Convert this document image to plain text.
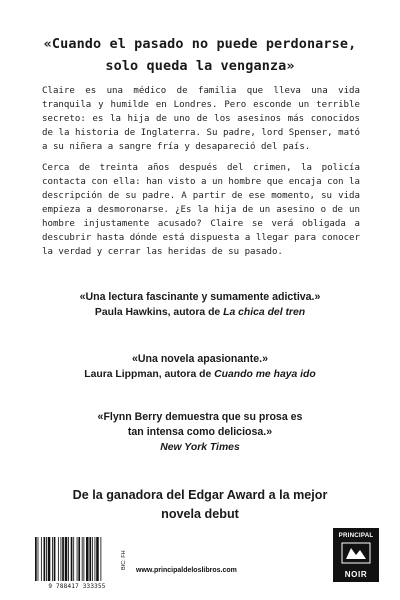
«Cuando el pasado no puede perdonarse,
solo queda la venganza»
Claire es una médico de familia que lleva una vida tranquila y humilde en Londres. Pero esconde un terrible secreto: es la hija de uno de los asesinos más conocidos de la historia de Inglaterra. Su padre, lord Spenser, mató a su niñera a sangre fría y desapareció del país.
Cerca de treinta años después del crimen, la policía contacta con ella: han visto a un hombre que encaja con la descripción de su padre. A partir de ese momento, su vida empieza a desmoronarse. ¿Es la hija de un asesino o de un hombre injustamente acusado? Claire se verá obligada a descubrir hasta dónde está dispuesta a llegar para conocer la verdad y cerrar las heridas de su pasado.
«Una lectura fascinante y sumamente adictiva.»
Paula Hawkins, autora de La chica del tren
«Una novela apasionante.»
Laura Lippman, autora de Cuando me haya ido
«Flynn Berry demuestra que su prosa es
tan intensa como deliciosa.»
New York Times
De la ganadora del Edgar Award a la mejor
novela debut
9 788417 333355
BIC: FH
www.principaldeloslibros.com
PRINCIPAL
NOIR
